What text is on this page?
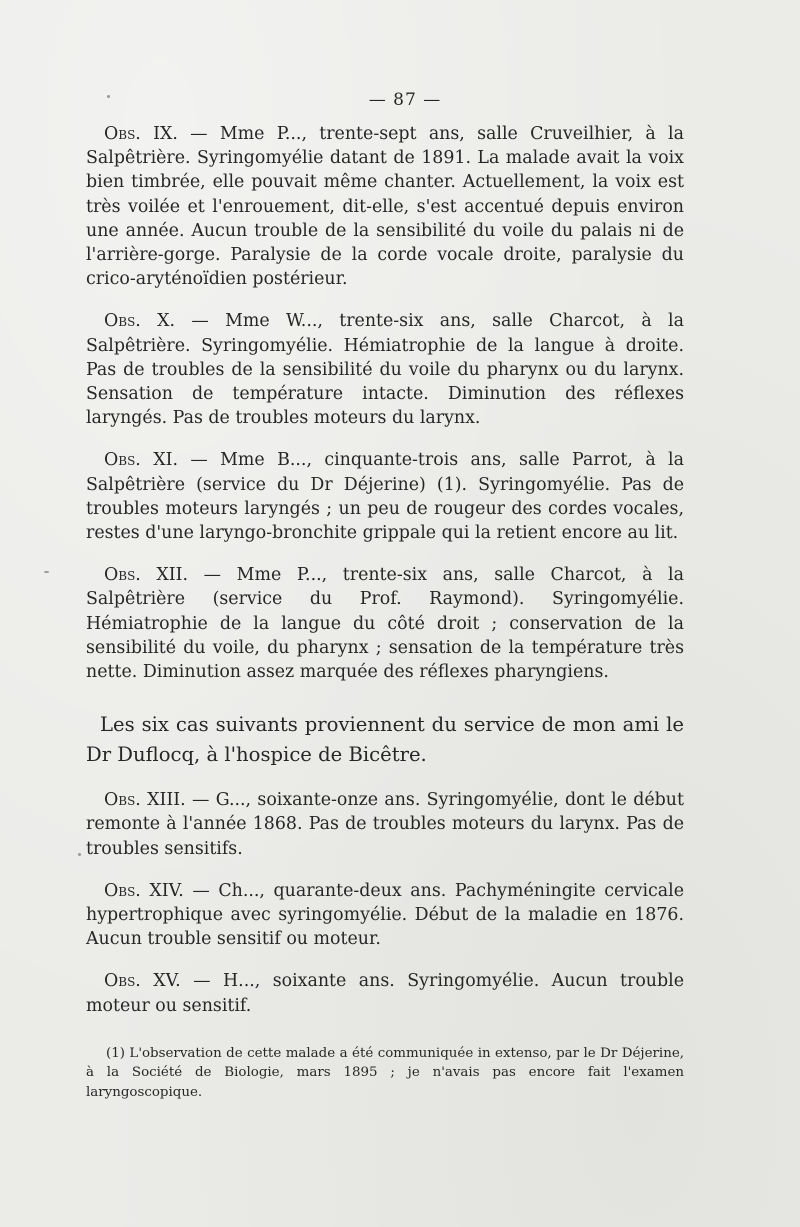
— 87 —

Obs. IX. — Mme P..., trente-sept ans, salle Cruveilhier, à la Salpêtrière. Syringomyélie datant de 1891. La malade avait la voix bien timbrée, elle pouvait même chanter. Actuellement, la voix est très voilée et l'enrouement, dit-elle, s'est accentué depuis environ une année. Aucun trouble de la sensibilité du voile du palais ni de l'arrière-gorge. Paralysie de la corde vocale droite, paralysie du crico-aryténoïdien postérieur.

Obs. X. — Mme W..., trente-six ans, salle Charcot, à la Salpêtrière. Syringomyélie. Hémiatrophie de la langue à droite. Pas de troubles de la sensibilité du voile du pharynx ou du larynx. Sensation de température intacte. Diminution des réflexes laryngés. Pas de troubles moteurs du larynx.

Obs. XI. — Mme B..., cinquante-trois ans, salle Parrot, à la Salpêtrière (service du Dr Déjerine) (1). Syringomyélie. Pas de troubles moteurs laryngés ; un peu de rougeur des cordes vocales, restes d'une laryngo-bronchite grippale qui la retient encore au lit.

Obs. XII. — Mme P..., trente-six ans, salle Charcot, à la Salpêtrière (service du Prof. Raymond). Syringomyélie. Hémiatrophie de la langue du côté droit ; conservation de la sensibilité du voile, du pharynx ; sensation de la température très nette. Diminution assez marquée des réflexes pharyngiens.

Les six cas suivants proviennent du service de mon ami le Dr Duflocq, à l'hospice de Bicêtre.

Obs. XIII. — G..., soixante-onze ans. Syringomyélie, dont le début remonte à l'année 1868. Pas de troubles moteurs du larynx. Pas de troubles sensitifs.

Obs. XIV. — Ch..., quarante-deux ans. Pachyméningite cervicale hypertrophique avec syringomyélie. Début de la maladie en 1876. Aucun trouble sensitif ou moteur.

Obs. XV. — H..., soixante ans. Syringomyélie. Aucun trouble moteur ou sensitif.

(1) L'observation de cette malade a été communiquée in extenso, par le Dr Déjerine, à la Société de Biologie, mars 1895 ; je n'avais pas encore fait l'examen laryngoscopique.
